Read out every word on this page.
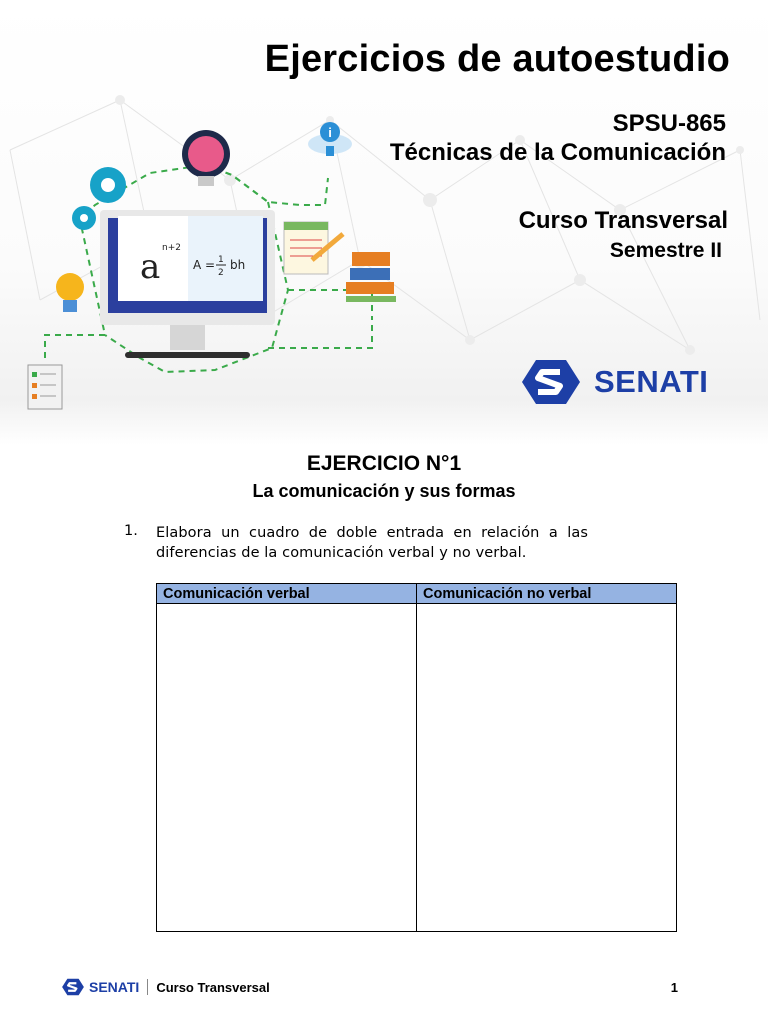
Ejercicios de autoestudio
SPSU-865
Técnicas de la Comunicación
Curso Transversal
Semestre II
i
a n+2
A = 1
2
bh
SENATI
EJERCICIO N°1
La comunicación y sus formas
1.	Elabora un cuadro de doble entrada en relación a las diferencias de la comunicación verbal y no verbal.
Comunicación verbal	Comunicación no verbal

SENATI Curso Transversal	1
